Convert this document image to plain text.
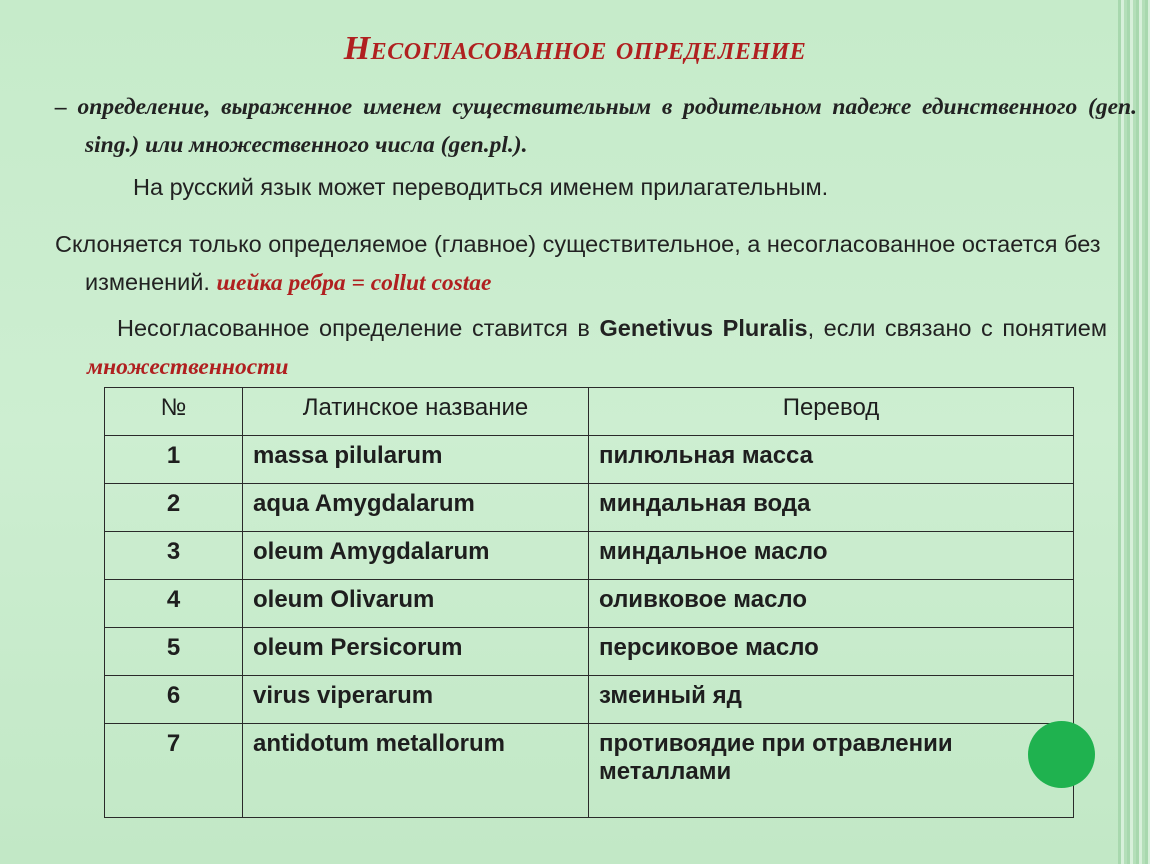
Несогласованное определение
– определение, выраженное именем существительным в родительном падеже единственного (gen. sing.) или множественного числа (gen.pl.).
На русский язык может переводиться именем прилагательным.
Склоняется только определяемое (главное) существительное, а несогласованное остается без изменений. шейка ребра = collut costae
Несогласованное определение ставится в Genetivus Pluralis, если связано с понятием множественности
№	Латинское название	Перевод
1	massa pilularum	пилюльная масса
2	aqua Amygdalarum	миндальная вода
3	oleum Amygdalarum	миндальное масло
4	oleum Olivarum	оливковое масло
5	oleum Persicorum	персиковое масло
6	virus viperarum	змеиный яд
7	antidotum metallorum	противоядие при отравлении металлами
